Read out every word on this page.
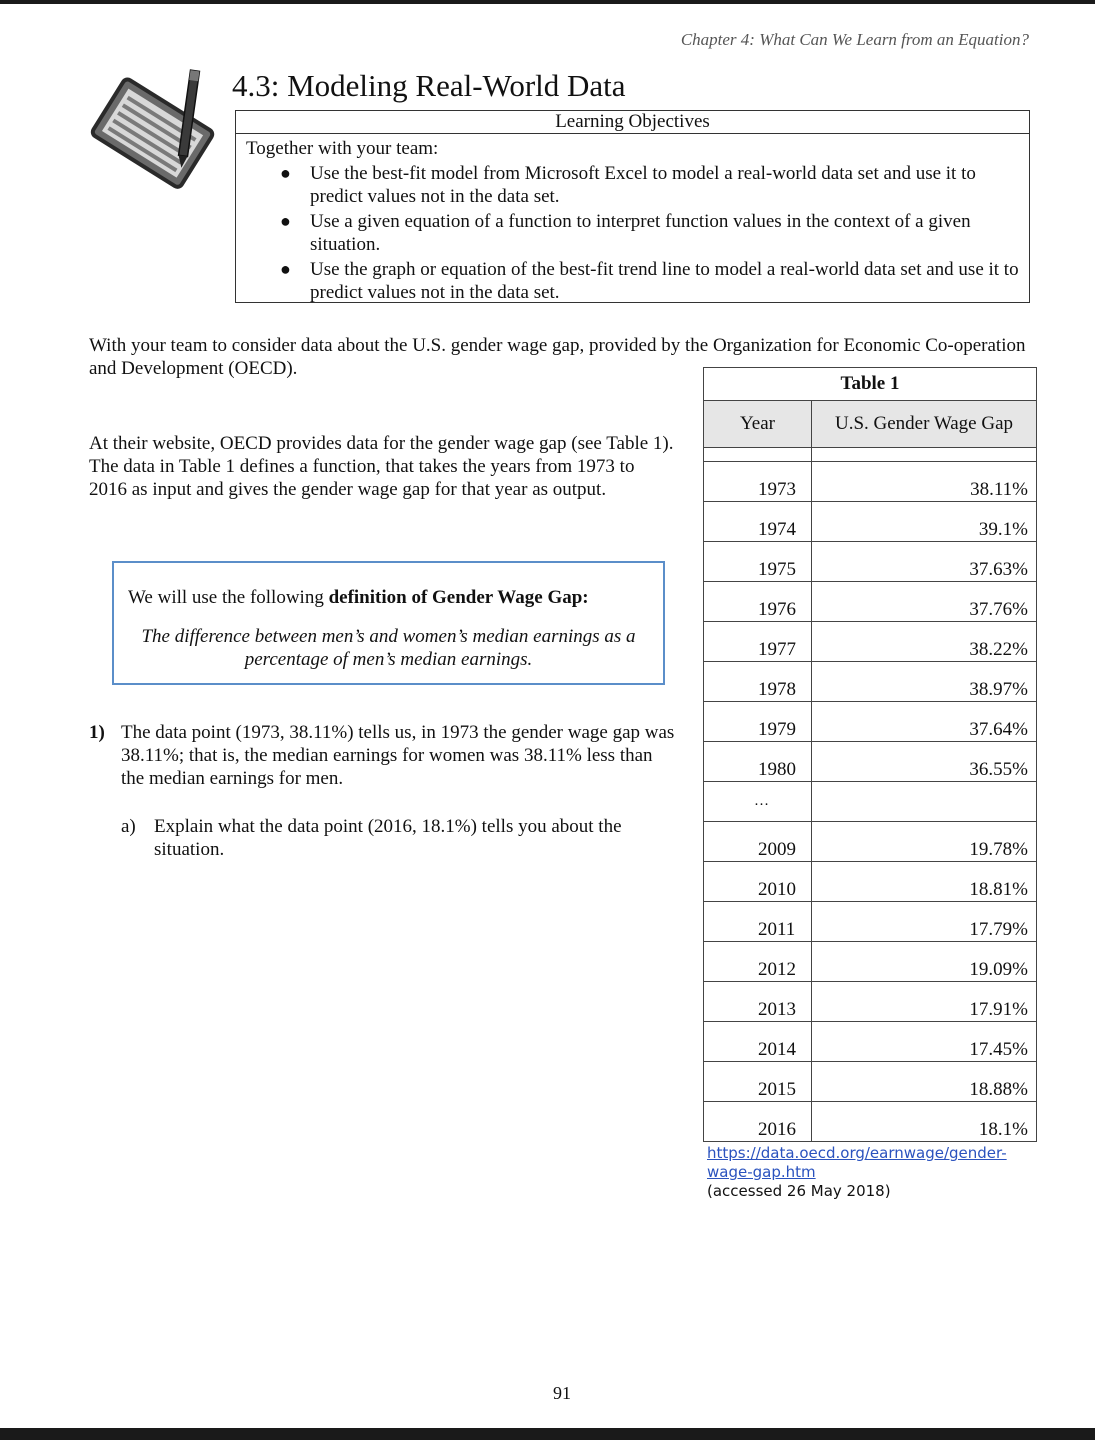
Chapter 4: What Can We Learn from an Equation?
4.3: Modeling Real-World Data
Learning Objectives
Together with your team:
● Use the best-fit model from Microsoft Excel to model a real-world data set and use it to predict values not in the data set.
● Use a given equation of a function to interpret function values in the context of a given situation.
● Use the graph or equation of the best-fit trend line to model a real-world data set and use it to predict values not in the data set.
With your team to consider data about the U.S. gender wage gap, provided by the Organization for Economic Co-operation and Development (OECD).
At their website, OECD provides data for the gender wage gap (see Table 1). The data in Table 1 defines a function, that takes the years from 1973 to 2016 as input and gives the gender wage gap for that year as output.
We will use the following definition of Gender Wage Gap:
The difference between men’s and women’s median earnings as a percentage of men’s median earnings.
1) The data point (1973, 38.11%) tells us, in 1973 the gender wage gap was 38.11%; that is, the median earnings for women was 38.11% less than the median earnings for men.
a) Explain what the data point (2016, 18.1%) tells you about the situation.
Table 1	
Year	U.S. Gender Wage Gap

1973	38.11%
1974	39.1%
1975	37.63%
1976	37.76%
1977	38.22%
1978	38.97%
1979	37.64%
1980	36.55%
…	
2009	19.78%
2010	18.81%
2011	17.79%
2012	19.09%
2013	17.91%
2014	17.45%
2015	18.88%
2016	18.1%
https://data.oecd.org/earnwage/gender-wage-gap.htm
(accessed 26 May 2018)
91
